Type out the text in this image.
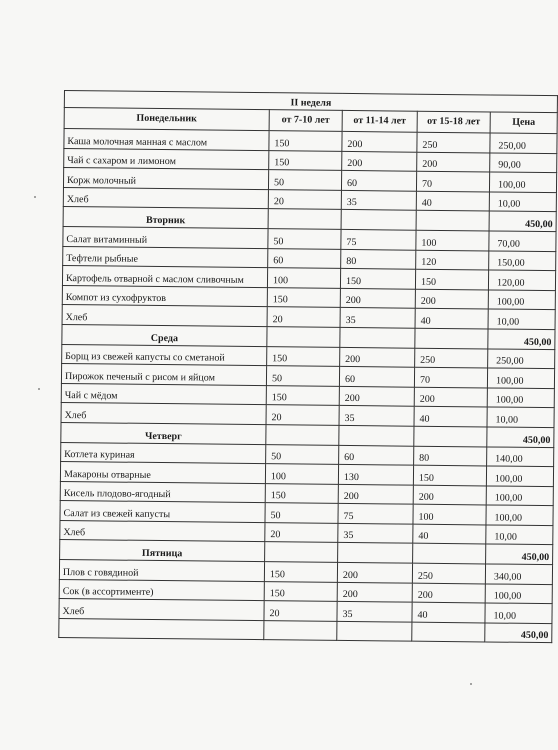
II неделя				
Понедельник	от 7-10 лет	от 11-14 лет	от 15-18 лет	Цена
Каша молочная манная с маслом	150	200	250	250,00
Чай с сахаром и лимоном	150	200	200	90,00
Корж молочный	50	60	70	100,00
Хлеб	20	35	40	10,00
Вторник				450,00
Салат витаминный	50	75	100	70,00
Тефтели рыбные	60	80	120	150,00
Картофель отварной с маслом сливочным	100	150	150	120,00
Компот из сухофруктов	150	200	200	100,00
Хлеб	20	35	40	10,00
Среда				450,00
Борщ из свежей капусты со сметаной	150	200	250	250,00
Пирожок печеный с рисом и яйцом	50	60	70	100,00
Чай с мёдом	150	200	200	100,00
Хлеб	20	35	40	10,00
Четверг				450,00
Котлета куриная	50	60	80	140,00
Макароны отварные	100	130	150	100,00
Кисель плодово-ягодный	150	200	200	100,00
Салат из свежей капусты	50	75	100	100,00
Хлеб	20	35	40	10,00
Пятница				450,00
Плов с говядиной	150	200	250	340,00
Сок (в ассортименте)	150	200	200	100,00
Хлеб	20	35	40	10,00
				450,00
